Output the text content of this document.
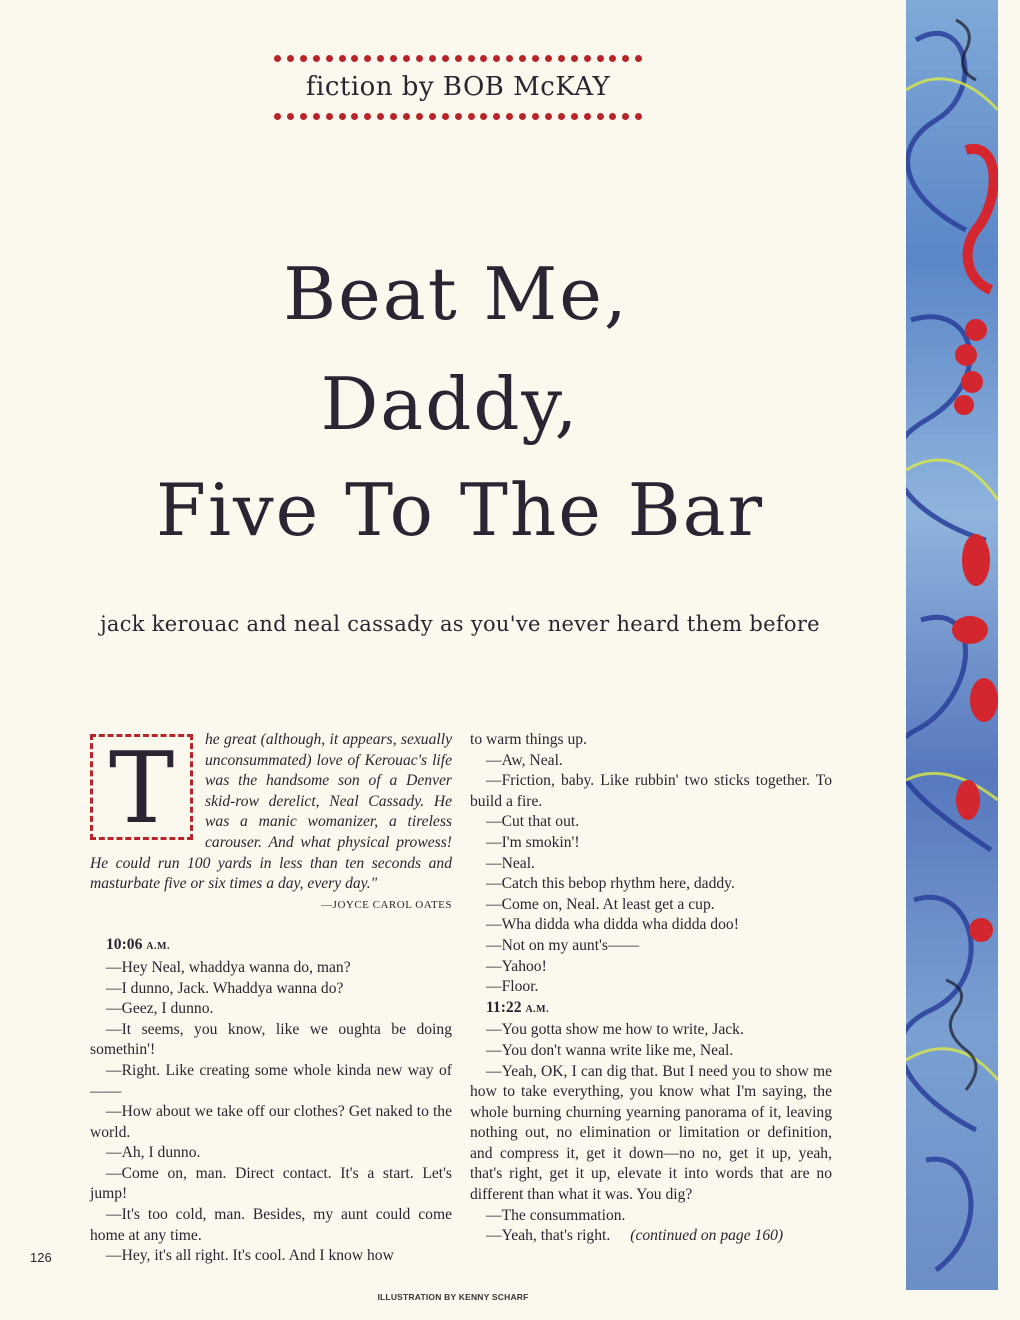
fiction by BOB McKAY
Beat Me,
Daddy,
Five To The Bar
jack kerouac and neal cassady as you've never heard them before
T	he great (although, it appears, sexually unconsummated) love of Kerouac's life was the handsome son of a Denver skid-row derelict, Neal Cassady. He was a manic womanizer, a tireless carouser. And what physical prowess! He could run 100 yards in less than ten seconds and masturbate five or six times a day, every day."

—JOYCE CAROL OATES

10:06 A.M.

—Hey Neal, whaddya wanna do, man?

—I dunno, Jack. Whaddya wanna do?

—Geez, I dunno.

—It seems, you know, like we oughta be doing somethin'!

—Right. Like creating some whole kinda new way of——

—How about we take off our clothes? Get naked to the world.

—Ah, I dunno.

—Come on, man. Direct contact. It's a start. Let's jump!

—It's too cold, man. Besides, my aunt could come home at any time.

—Hey, it's all right. It's cool. And I know how

to warm things up.

—Aw, Neal.

—Friction, baby. Like rubbin' two sticks together. To build a fire.

—Cut that out.

—I'm smokin'!

—Neal.

—Catch this bebop rhythm here, daddy.

—Come on, Neal. At least get a cup.

—Wha didda wha didda wha didda doo!

—Not on my aunt's——

—Yahoo!

—Floor.

11:22 A.M.

—You gotta show me how to write, Jack.

—You don't wanna write like me, Neal.

—Yeah, OK, I can dig that. But I need you to show me how to take everything, you know what I'm saying, the whole burning churning yearning panorama of it, leaving nothing out, no elimination or limitation or definition, and compress it, get it down—no no, get it up, yeah, that's right, get it up, elevate it into words that are no different than what it was. You dig?

—The consummation.

—Yeah, that's right. (continued on page 160)

126
ILLUSTRATION BY KENNY SCHARF
